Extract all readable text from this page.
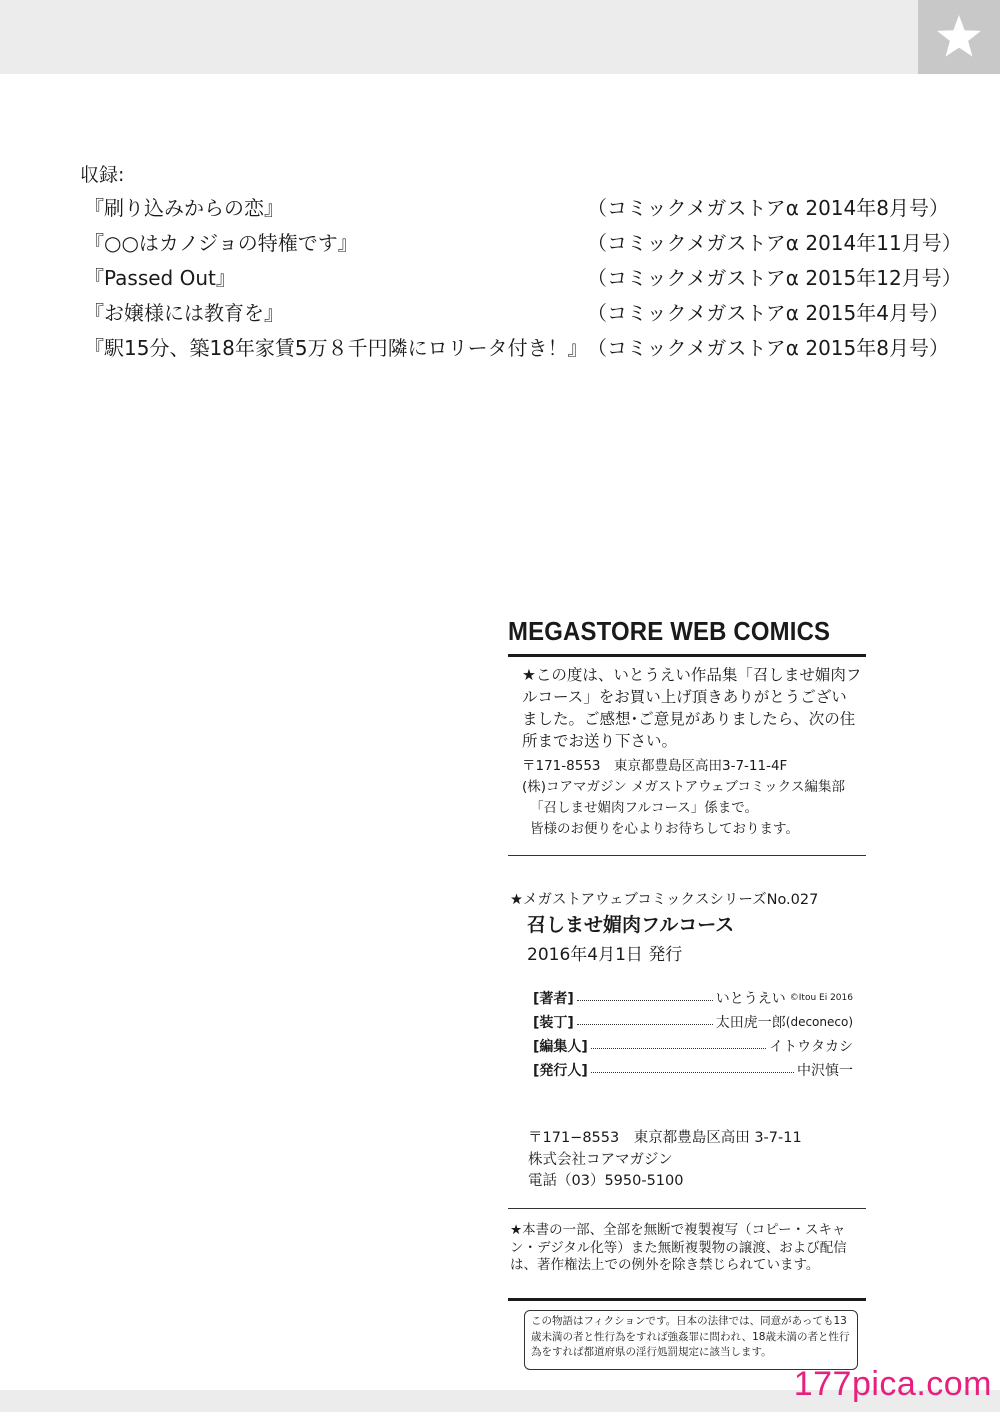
収録:
『刷り込みからの恋』	（コミックメガストアα 2014年8月号）
『○○はカノジョの特権です』	（コミックメガストアα 2014年11月号）
『Passed Out』	（コミックメガストアα 2015年12月号）
『お嬢様には教育を』	（コミックメガストアα 2015年4月号）
『駅15分、築18年家賃5万８千円隣にロリータ付き！』 （コミックメガストアα 2015年8月号）
MEGASTORE WEB COMICS
★この度は、いとうえい作品集「召しませ媚肉フルコース」をお買い上げ頂きありがとうございました。ご感想･ご意見がありましたら、次の住所までお送り下さい。
〒171-8553　東京都豊島区高田3-7-11-4F
(株)コアマガジン メガストアウェブコミックス編集部
「召しませ媚肉フルコース」係まで。
皆様のお便りを心よりお待ちしております。
★メガストアウェブコミックスシリーズNo.027
召しませ媚肉フルコース
2016年4月1日 発行
[著者]	いとうえい ©Itou Ei 2016
[装丁]	太田虎一郎 (deconeco)
[編集人]	イトウタカシ
[発行人]	中沢慎一
〒171−8553　東京都豊島区高田 3-7-11
株式会社コアマガジン
電話（03）5950-5100
★本書の一部、全部を無断で複製複写（コピー・スキャン・デジタル化等）また無断複製物の譲渡、および配信は、著作権法上での例外を除き禁じられています。
この物語はフィクションです。日本の法律では、同意があっても13歳未満の者と性行為をすれば強姦罪に問われ、18歳未満の者と性行為をすれば都道府県の淫行処罰規定に該当します。
177pica.com
